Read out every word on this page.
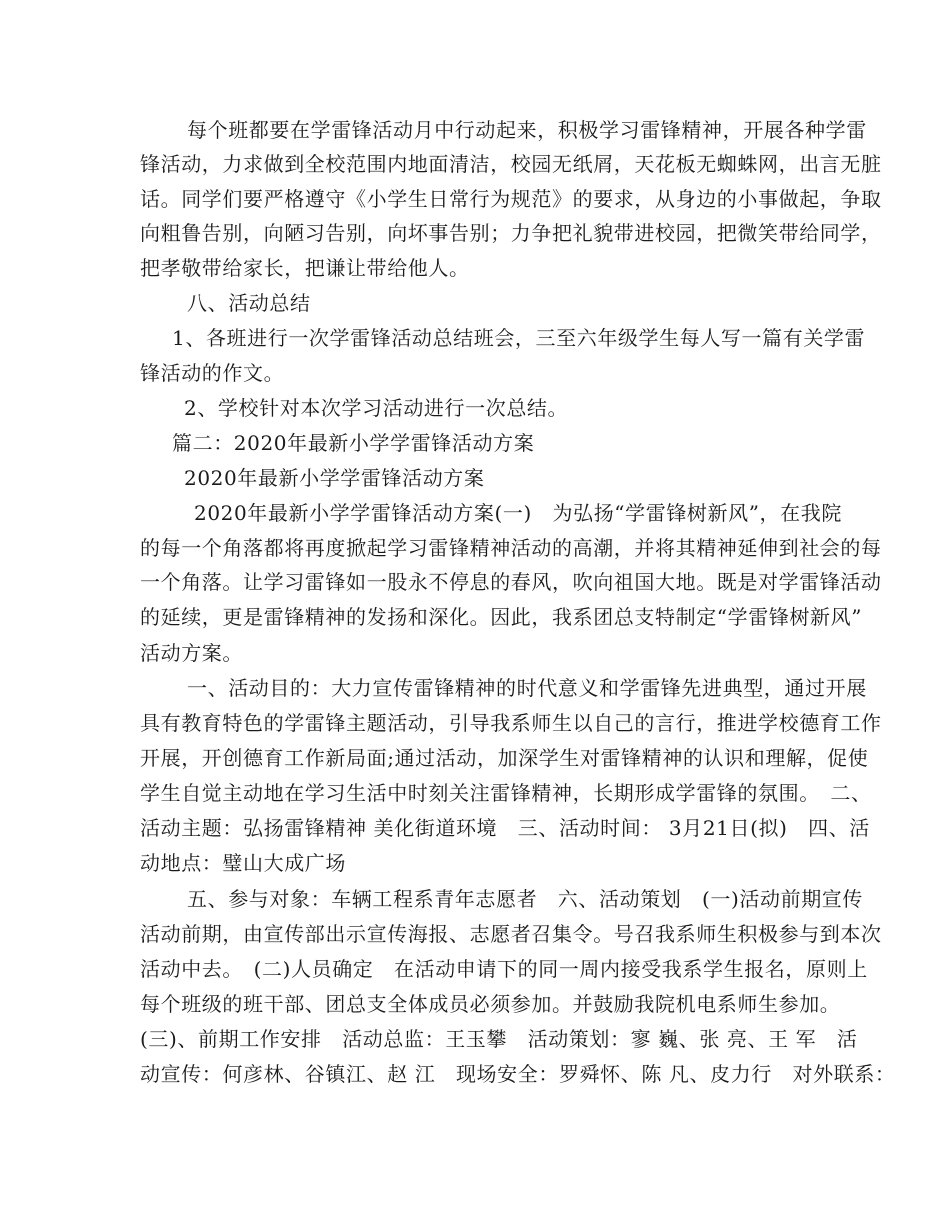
每个班都要在学雷锋活动月中行动起来，积极学习雷锋精神，开展各种学雷
锋活动，力求做到全校范围内地面清洁，校园无纸屑，天花板无蜘蛛网，出言无脏
话。同学们要严格遵守《小学生日常行为规范》的要求，从身边的小事做起，争取
向粗鲁告别，向陋习告别，向坏事告别；力争把礼貌带进校园，把微笑带给同学，
把孝敬带给家长，把谦让带给他人。
八、活动总结
1、各班进行一次学雷锋活动总结班会，三至六年级学生每人写一篇有关学雷
锋活动的作文。
2、学校针对本次学习活动进行一次总结。
篇二：2020年最新小学学雷锋活动方案
2020年最新小学学雷锋活动方案
2020年最新小学学雷锋活动方案(一)　为弘扬“学雷锋树新风”，在我院
的每一个角落都将再度掀起学习雷锋精神活动的高潮，并将其精神延伸到社会的每
一个角落。让学习雷锋如一股永不停息的春风，吹向祖国大地。既是对学雷锋活动
的延续，更是雷锋精神的发扬和深化。因此，我系团总支特制定“学雷锋树新风”
活动方案。
一、活动目的：大力宣传雷锋精神的时代意义和学雷锋先进典型，通过开展
具有教育特色的学雷锋主题活动，引导我系师生以自己的言行，推进学校德育工作
开展，开创德育工作新局面;通过活动，加深学生对雷锋精神的认识和理解，促使
学生自觉主动地在学习生活中时刻关注雷锋精神，长期形成学雷锋的氛围。　二、
活动主题：弘扬雷锋精神 美化街道环境　三、活动时间： 3月21日(拟)　四、活
动地点：璧山大成广场
五、参与对象：车辆工程系青年志愿者　六、活动策划　(一)活动前期宣传
活动前期，由宣传部出示宣传海报、志愿者召集令。号召我系师生积极参与到本次
活动中去。　(二)人员确定　在活动申请下的同一周内接受我系学生报名，原则上
每个班级的班干部、团总支全体成员必须参加。并鼓励我院机电系师生参加。
(三)、前期工作安排　活动总监：王玉攀　活动策划：寥 巍、张 亮、王 军　活
动宣传：何彦林、谷镇江、赵 江　现场安全：罗舜怀、陈 凡、皮力行　对外联系：
